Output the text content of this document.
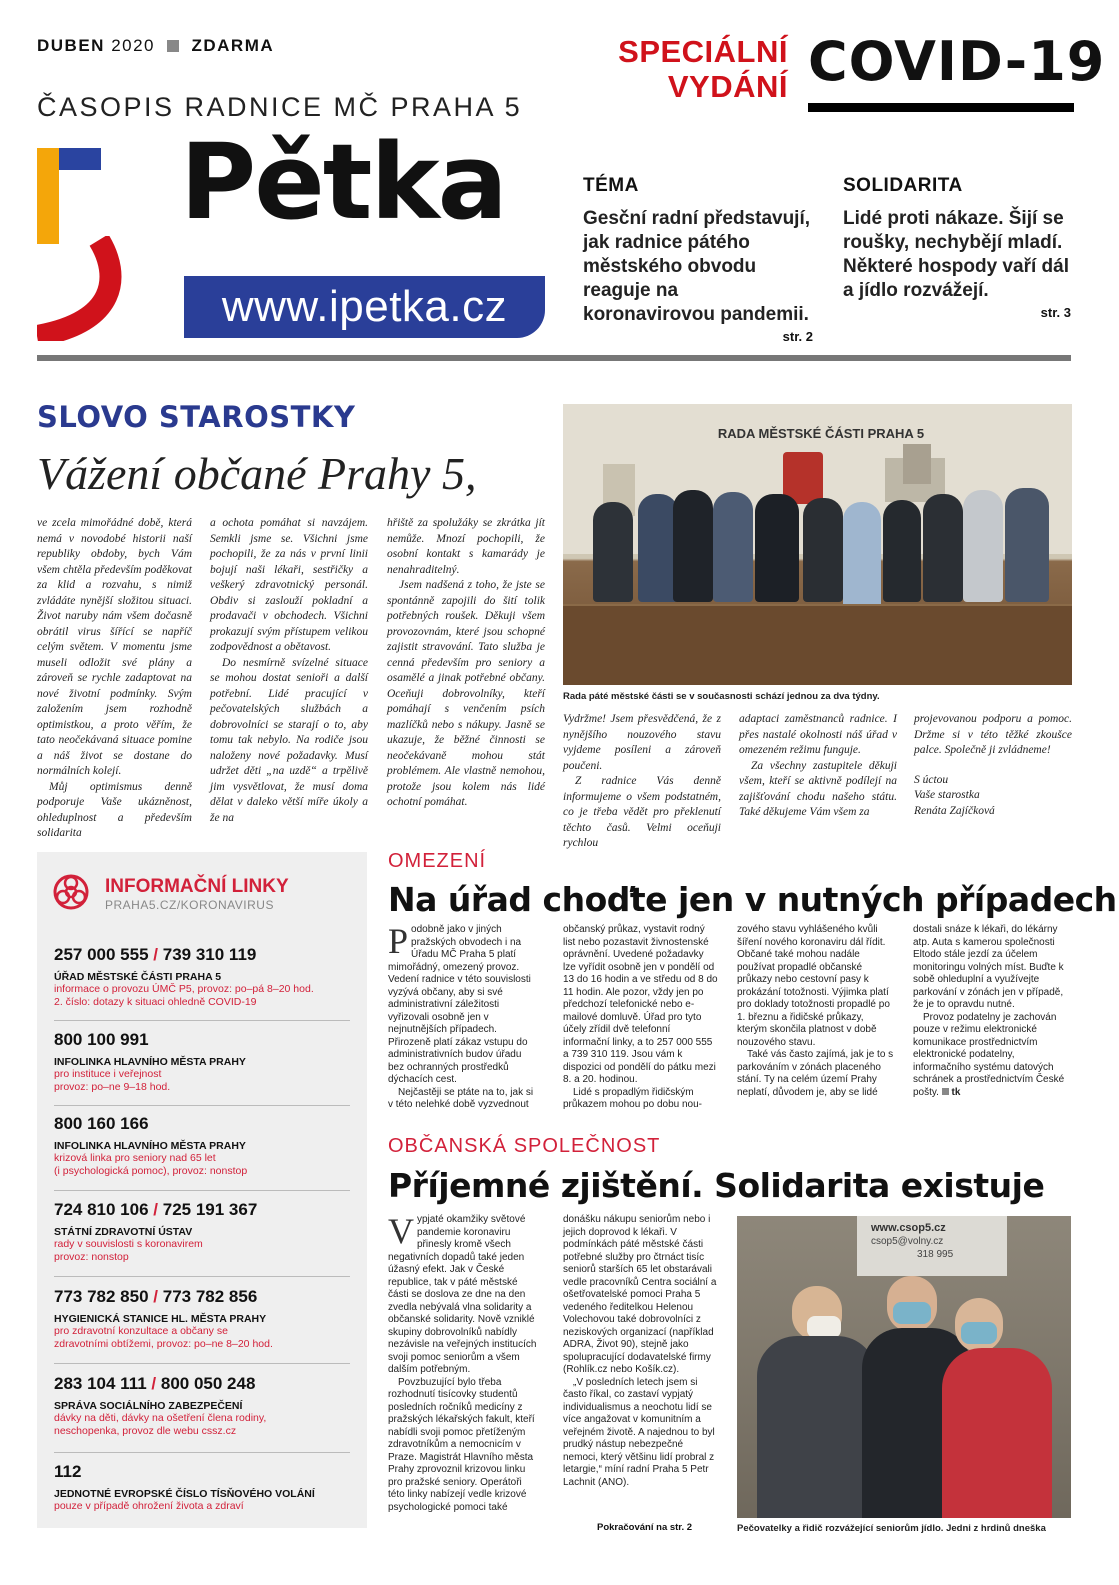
DUBEN 2020 ZDARMA
ČASOPIS RADNICE MČ PRAHA 5
SPECIÁLNÍ
VYDÁNÍ COVID-19
Pětka
www.ipetka.cz
TÉMA

Gesční radní představují, jak radnice pátého městského obvodu reaguje na koronavirovou pandemii.

str. 2
SOLIDARITA

Lidé proti nákaze. Šijí se roušky, nechybějí mladí. Některé hospody vaří dál a jídlo rozvážejí.

str. 3
SLOVO STAROSTKY
Vážení občané Prahy 5,

ve zcela mimořádné době, která nemá v novodobé historii naší republiky obdoby, bych Vám všem chtěla především poděkovat za klid a rozvahu, s nimiž zvládáte nynější složitou situaci. Život naruby nám všem dočasně obrátil virus šířící se napříč celým světem. V momentu jsme museli odložit své plány a zároveň se rychle zadaptovat na nové životní podmínky. Svým založením jsem rozhodně optimistkou, a proto věřím, že tato neočekávaná situace pomine a náš život se dostane do normálních kolejí.

Můj optimismus denně podporuje Vaše ukázněnost, ohleduplnost a především solidarita

a ochota pomáhat si navzájem. Semkli jsme se. Všichni jsme pochopili, že za nás v první linii bojují naši lékaři, sestřičky a veškerý zdravotnický personál. Obdiv si zaslouží pokladní a prodavači v obchodech. Všichni prokazují svým přístupem velikou zodpovědnost a obětavost.

Do nesmírně svízelné situace se mohou dostat senioři a další potřební. Lidé pracující v pečovatelských službách a dobrovolníci se starají o to, aby tomu tak nebylo. Na rodiče jsou naloženy nové požadavky. Musí udržet děti „na uzdě“ a trpělivě jim vysvětlovat, že musí doma dělat v daleko větší míře úkoly a že na

hřiště za spolužáky se zkrátka jít nemůže. Mnozí pochopili, že osobní kontakt s kamarády je nenahraditelný.

Jsem nadšená z toho, že jste se spontánně zapojili do šití tolik potřebných roušek. Děkuji všem provozovnám, které jsou schopné zajistit stravování. Tato služba je cenná především pro seniory a osamělé a jinak potřebné občany. Oceňuji dobrovolníky, kteří pomáhají s venčením psích mazlíčků nebo s nákupy. Jasně se ukazuje, že běžné činnosti se neočekávaně mohou stát problémem. Ale vlastně nemohou, protože jsou kolem nás lidé ochotní pomáhat.

RADA MĚSTSKÉ ČÁSTI PRAHA 5
Rada páté městské části se v současnosti schází jednou za dva týdny.

Vydržme! Jsem přesvědčená, že z nynějšího nouzového stavu vyjdeme posíleni a zároveň poučeni.

Z radnice Vás denně informujeme o všem podstatném, co je třeba vědět pro překlenutí těchto časů. Velmi oceňuji rychlou

adaptaci zaměstnanců radnice. I přes nastalé okolnosti náš úřad v omezeném režimu funguje.

Za všechny zastupitele děkuji všem, kteří se aktivně podílejí na zajišťování chodu našeho státu. Také děkujeme Vám všem za

projevovanou podporu a pomoc. Držme si v této těžké zkoušce palce. Společně ji zvládneme!

S úctou
Vaše starostka
Renáta Zajíčková
INFORMAČNÍ LINKY
PRAHA5.CZ/KORONAVIRUS
257 000 555 / 739 310 119
ÚŘAD MĚSTSKÉ ČÁSTI PRAHA 5
informace o provozu ÚMČ P5, provoz: po–pá 8–20 hod.
2. číslo: dotazy k situaci ohledně COVID-19
800 100 991
INFOLINKA HLAVNÍHO MĚSTA PRAHY
pro instituce i veřejnost
provoz: po–ne 9–18 hod.
800 160 166
INFOLINKA HLAVNÍHO MĚSTA PRAHY
krizová linka pro seniory nad 65 let
(i psychologická pomoc), provoz: nonstop
724 810 106 / 725 191 367
STÁTNÍ ZDRAVOTNÍ ÚSTAV
rady v souvislosti s koronavirem
provoz: nonstop
773 782 850 / 773 782 856
HYGIENICKÁ STANICE HL. MĚSTA PRAHY
pro zdravotní konzultace a občany se
zdravotními obtížemi, provoz: po–ne 8–20 hod.
283 104 111 / 800 050 248
SPRÁVA SOCIÁLNÍHO ZABEZPEČENÍ
dávky na děti, dávky na ošetření člena rodiny,
neschopenka, provoz dle webu cssz.cz
112
JEDNOTNÉ EVROPSKÉ ČÍSLO TÍSŇOVÉHO VOLÁNÍ
pouze v případě ohrožení života a zdraví
OMEZENÍ
Na úřad choďte jen v nutných případech

Podobně jako v jiných pražských obvodech i na Úřadu MČ Praha 5 platí mimořádný, omezený provoz. Vedení radnice v této souvislosti vyzývá občany, aby si své administrativní záležitosti vyřizovali osobně jen v nejnutnějších případech. Přirozeně platí zákaz vstupu do administrativních budov úřadu bez ochranných prostředků dýchacích cest.

Nejčastěji se ptáte na to, jak si v této nelehké době vyzvednout

občanský průkaz, vystavit rodný list nebo pozastavit živnostenské oprávnění. Uvedené požadavky lze vyřídit osobně jen v pondělí od 13 do 16 hodin a ve středu od 8 do 11 hodin. Ale pozor, vždy jen po předchozí telefonické nebo e-mailové domluvě. Úřad pro tyto účely zřídil dvě telefonní informační linky, a to 257 000 555 a 739 310 119. Jsou vám k dispozici od pondělí do pátku mezi 8. a 20. hodinou.

Lidé s propadlým řidičským průkazem mohou po dobu nou-

zového stavu vyhlášeného kvůli šíření nového koronaviru dál řídit. Občané také mohou nadále používat propadlé občanské průkazy nebo cestovní pasy k prokázání totožnosti. Výjimka platí pro doklady totožnosti propadlé po 1. březnu a řidičské průkazy, kterým skončila platnost v době nouzového stavu.

Také vás často zajímá, jak je to s parkováním v zónách placeného stání. Ty na celém území Prahy neplatí, důvodem je, aby se lidé

dostali snáze k lékaři, do lékárny atp. Auta s kamerou společnosti Eltodo stále jezdí za účelem monitoringu volných míst. Buďte k sobě ohleduplní a využívejte parkování v zónách jen v případě, že je to opravdu nutné.

Provoz podatelny je zachován pouze v režimu elektronické komunikace prostřednictvím elektronické podatelny, informačního systému datových schránek a prostřednictvím České pošty. tk

OBČANSKÁ SPOLEČNOST
Příjemné zjištění. Solidarita existuje

Vypjaté okamžiky světové pandemie koronaviru přinesly kromě všech negativních dopadů také jeden úžasný efekt. Jak v České republice, tak v páté městské části se doslova ze dne na den zvedla nebývalá vlna solidarity a občanské solidarity. Nově vzniklé skupiny dobrovolníků nabídly nezávisle na veřejných institucích svoji pomoc seniorům a všem dalším potřebným.

Povzbuzující bylo třeba rozhodnutí tisícovky studentů posledních ročníků medicíny z pražských lékařských fakult, kteří nabídli svoji pomoc přetíženým zdravotníkům a nemocnicím v Praze. Magistrát Hlavního města Prahy zprovoznil krizovou linku pro pražské seniory. Operátoři této linky nabízejí vedle krizové psychologické pomoci také

donášku nákupu seniorům nebo i jejich doprovod k lékaři. V podmínkách páté městské části potřebné služby pro čtrnáct tisíc seniorů starších 65 let obstarávali vedle pracovníků Centra sociální a ošetřovatelské pomoci Praha 5 vedeného ředitelkou Helenou Volechovou také dobrovolníci z neziskových organizací (například ADRA, Život 90), stejně jako spolupracující dodavatelské firmy (Rohlík.cz nebo Košík.cz).

„V posledních letech jsem si často říkal, co zastaví vypjatý individualismus a neochotu lidí se více angažovat v komunitním a veřejném životě. A najednou to byl prudký nástup nebezpečné nemoci, který většinu lidí probral z letargie,“ míní radní Praha 5 Petr Lachnit (ANO).

Pokračování na str. 2
www.csop5.cz
csop5@volny.cz
318 995
Pečovatelky a řidič rozvážející seniorům jídlo. Jedni z hrdinů dneška
